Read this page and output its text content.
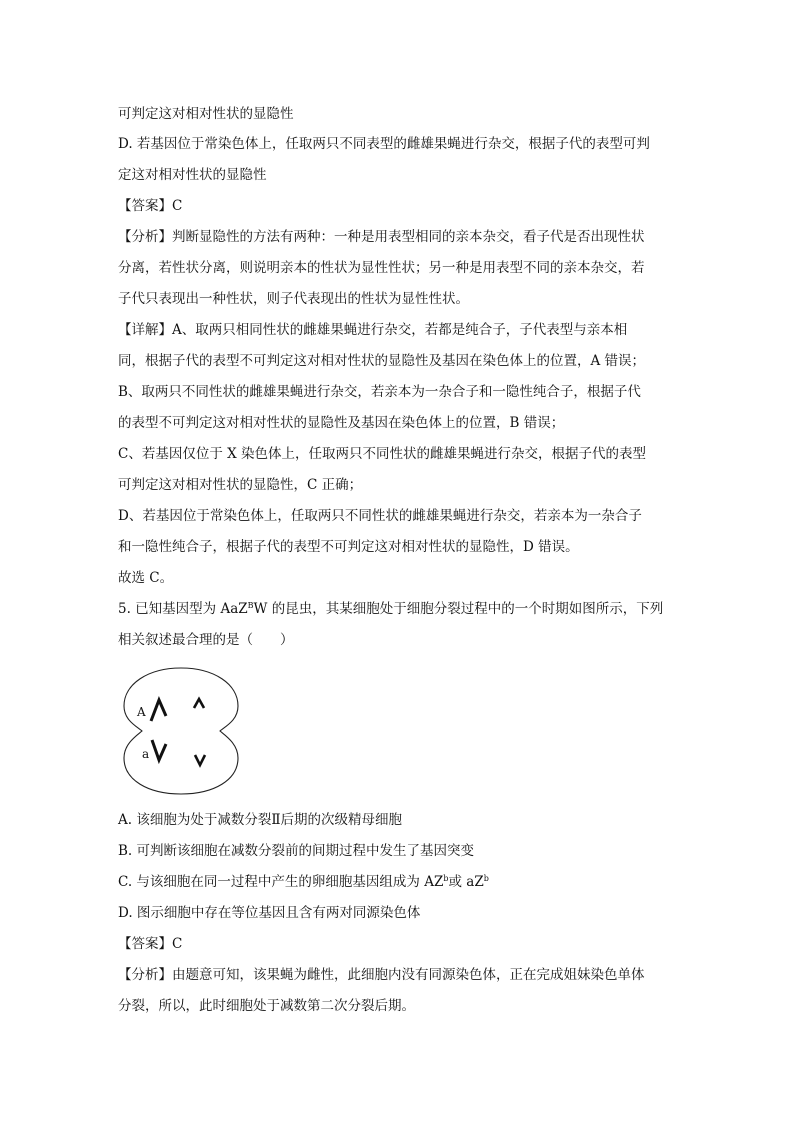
可判定这对相对性状的显隐性
D. 若基因位于常染色体上，任取两只不同表型的雌雄果蝇进行杂交，根据子代的表型可判
定这对相对性状的显隐性
【答案】C
【分析】判断显隐性的方法有两种：一种是用表型相同的亲本杂交，看子代是否出现性状
分离，若性状分离，则说明亲本的性状为显性性状；另一种是用表型不同的亲本杂交，若
子代只表现出一种性状，则子代表现出的性状为显性性状。
【详解】A、取两只相同性状的雌雄果蝇进行杂交，若都是纯合子，子代表型与亲本相
同，根据子代的表型不可判定这对相对性状的显隐性及基因在染色体上的位置，A 错误；
B、取两只不同性状的雌雄果蝇进行杂交，若亲本为一杂合子和一隐性纯合子，根据子代
的表型不可判定这对相对性状的显隐性及基因在染色体上的位置，B 错误；
C、若基因仅位于 X 染色体上，任取两只不同性状的雌雄果蝇进行杂交，根据子代的表型
可判定这对相对性状的显隐性，C 正确；
D、若基因位于常染色体上，任取两只不同性状的雌雄果蝇进行杂交，若亲本为一杂合子
和一隐性纯合子，根据子代的表型不可判定这对相对性状的显隐性，D 错误。
故选 C。
5. 已知基因型为 AaZ$^B$W 的昆虫，其某细胞处于细胞分裂过程中的一个时期如图所示，下列
相关叙述最合理的是（　　）
A
a
A. 该细胞为处于减数分裂Ⅱ后期的次级精母细胞
B. 可判断该细胞在减数分裂前的间期过程中发生了基因突变
C. 与该细胞在同一过程中产生的卵细胞基因组成为 $AZ^b$或 $aZ^b$
D. 图示细胞中存在等位基因且含有两对同源染色体
【答案】C
【分析】由题意可知，该果蝇为雌性，此细胞内没有同源染色体，正在完成姐妹染色单体
分裂，所以，此时细胞处于减数第二次分裂后期。
